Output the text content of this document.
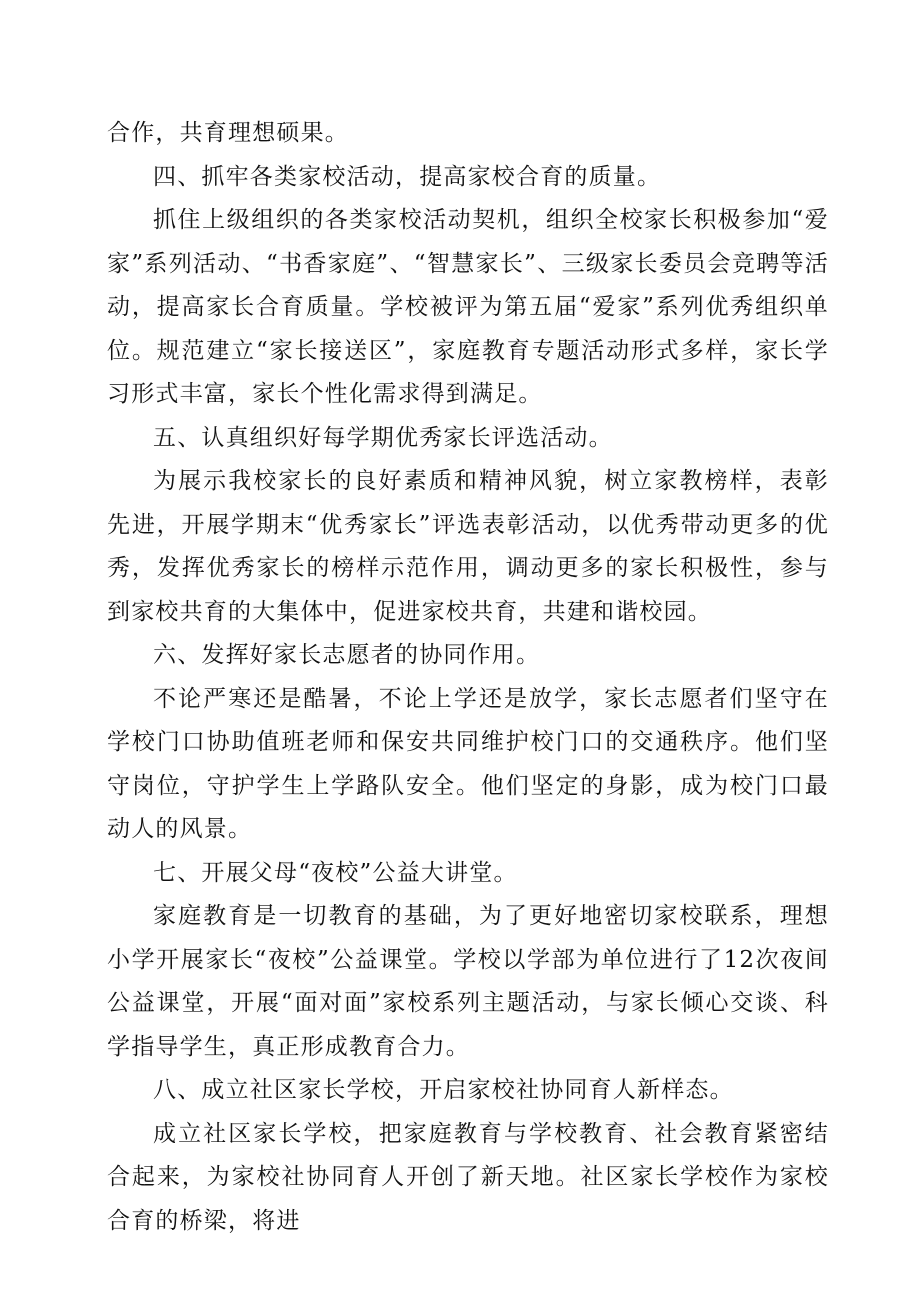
合作，共育理想硕果。

四、抓牢各类家校活动，提高家校合育的质量。

抓住上级组织的各类家校活动契机，组织全校家长积极参加“爱家”系列活动、“书香家庭”、“智慧家长”、三级家长委员会竞聘等活动，提高家长合育质量。学校被评为第五届“爱家”系列优秀组织单位。规范建立“家长接送区”，家庭教育专题活动形式多样，家长学习形式丰富，家长个性化需求得到满足。

五、认真组织好每学期优秀家长评选活动。

为展示我校家长的良好素质和精神风貌，树立家教榜样，表彰先进，开展学期末“优秀家长”评选表彰活动，以优秀带动更多的优秀，发挥优秀家长的榜样示范作用，调动更多的家长积极性，参与到家校共育的大集体中，促进家校共育，共建和谐校园。

六、发挥好家长志愿者的协同作用。

不论严寒还是酷暑，不论上学还是放学，家长志愿者们坚守在学校门口协助值班老师和保安共同维护校门口的交通秩序。他们坚守岗位，守护学生上学路队安全。他们坚定的身影，成为校门口最动人的风景。

七、开展父母“夜校”公益大讲堂。

家庭教育是一切教育的基础，为了更好地密切家校联系，理想小学开展家长“夜校”公益课堂。学校以学部为单位进行了12次夜间公益课堂，开展“面对面”家校系列主题活动，与家长倾心交谈、科学指导学生，真正形成教育合力。

八、成立社区家长学校，开启家校社协同育人新样态。

成立社区家长学校，把家庭教育与学校教育、社会教育紧密结合起来，为家校社协同育人开创了新天地。社区家长学校作为家校合育的桥梁，将进
